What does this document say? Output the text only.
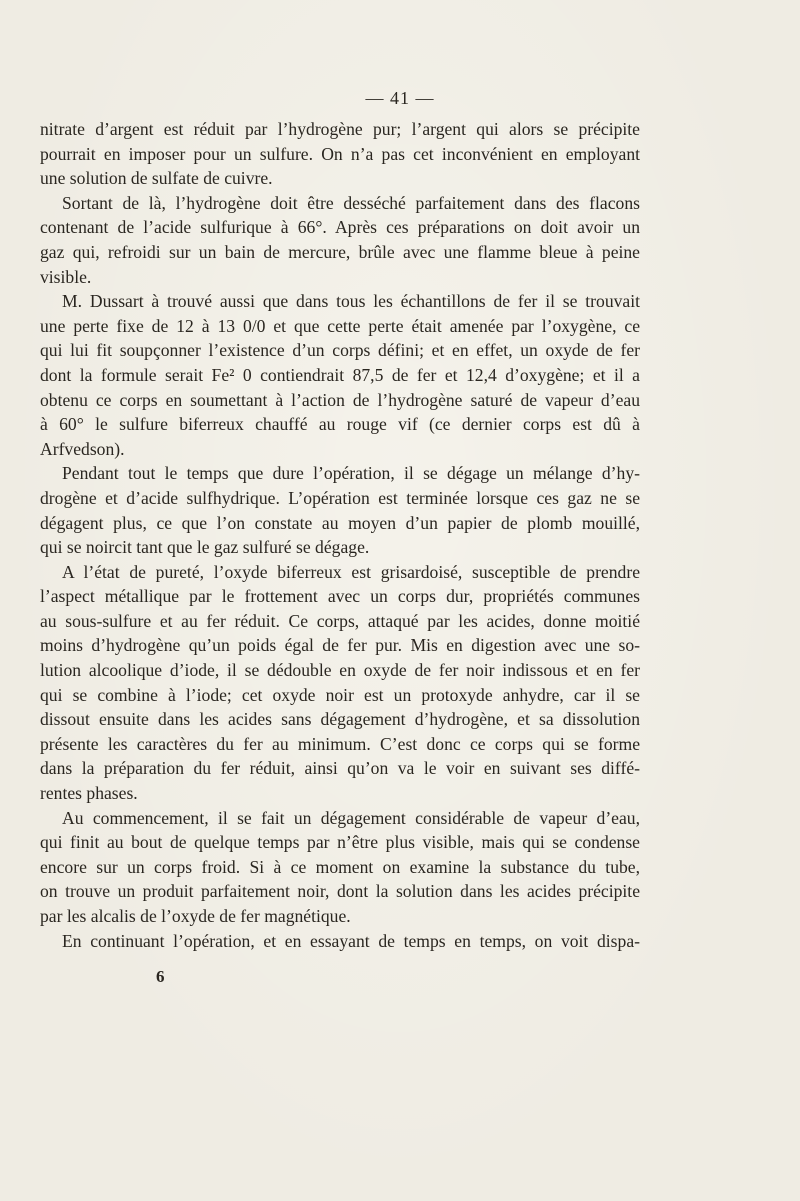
— 41 —
nitrate d’argent est réduit par l’hydrogène pur; l’argent qui alors se précipite
pourrait en imposer pour un sulfure. On n’a pas cet inconvénient en employant
une solution de sulfate de cuivre.
Sortant de là, l’hydrogène doit être desséché parfaitement dans des flacons
contenant de l’acide sulfurique à 66°. Après ces préparations on doit avoir un
gaz qui, refroidi sur un bain de mercure, brûle avec une flamme bleue à peine
visible.
M. Dussart à trouvé aussi que dans tous les échantillons de fer il se trouvait
une perte fixe de 12 à 13 0/0 et que cette perte était amenée par l’oxygène, ce
qui lui fit soupçonner l’existence d’un corps défini; et en effet, un oxyde de fer
dont la formule serait Fe² 0 contiendrait 87,5 de fer et 12,4 d’oxygène; et il a
obtenu ce corps en soumettant à l’action de l’hydrogène saturé de vapeur d’eau
à 60° le sulfure biferreux chauffé au rouge vif (ce dernier corps est dû à
Arfvedson).
Pendant tout le temps que dure l’opération, il se dégage un mélange d’hy-
drogène et d’acide sulfhydrique. L’opération est terminée lorsque ces gaz ne se
dégagent plus, ce que l’on constate au moyen d’un papier de plomb mouillé,
qui se noircit tant que le gaz sulfuré se dégage.
A l’état de pureté, l’oxyde biferreux est grisardoisé, susceptible de prendre
l’aspect métallique par le frottement avec un corps dur, propriétés communes
au sous-sulfure et au fer réduit. Ce corps, attaqué par les acides, donne moitié
moins d’hydrogène qu’un poids égal de fer pur. Mis en digestion avec une so-
lution alcoolique d’iode, il se dédouble en oxyde de fer noir indissous et en fer
qui se combine à l’iode; cet oxyde noir est un protoxyde anhydre, car il se
dissout ensuite dans les acides sans dégagement d’hydrogène, et sa dissolution
présente les caractères du fer au minimum. C’est donc ce corps qui se forme
dans la préparation du fer réduit, ainsi qu’on va le voir en suivant ses diffé-
rentes phases.
Au commencement, il se fait un dégagement considérable de vapeur d’eau,
qui finit au bout de quelque temps par n’être plus visible, mais qui se condense
encore sur un corps froid. Si à ce moment on examine la substance du tube,
on trouve un produit parfaitement noir, dont la solution dans les acides précipite
par les alcalis de l’oxyde de fer magnétique.
En continuant l’opération, et en essayant de temps en temps, on voit dispa-
6
